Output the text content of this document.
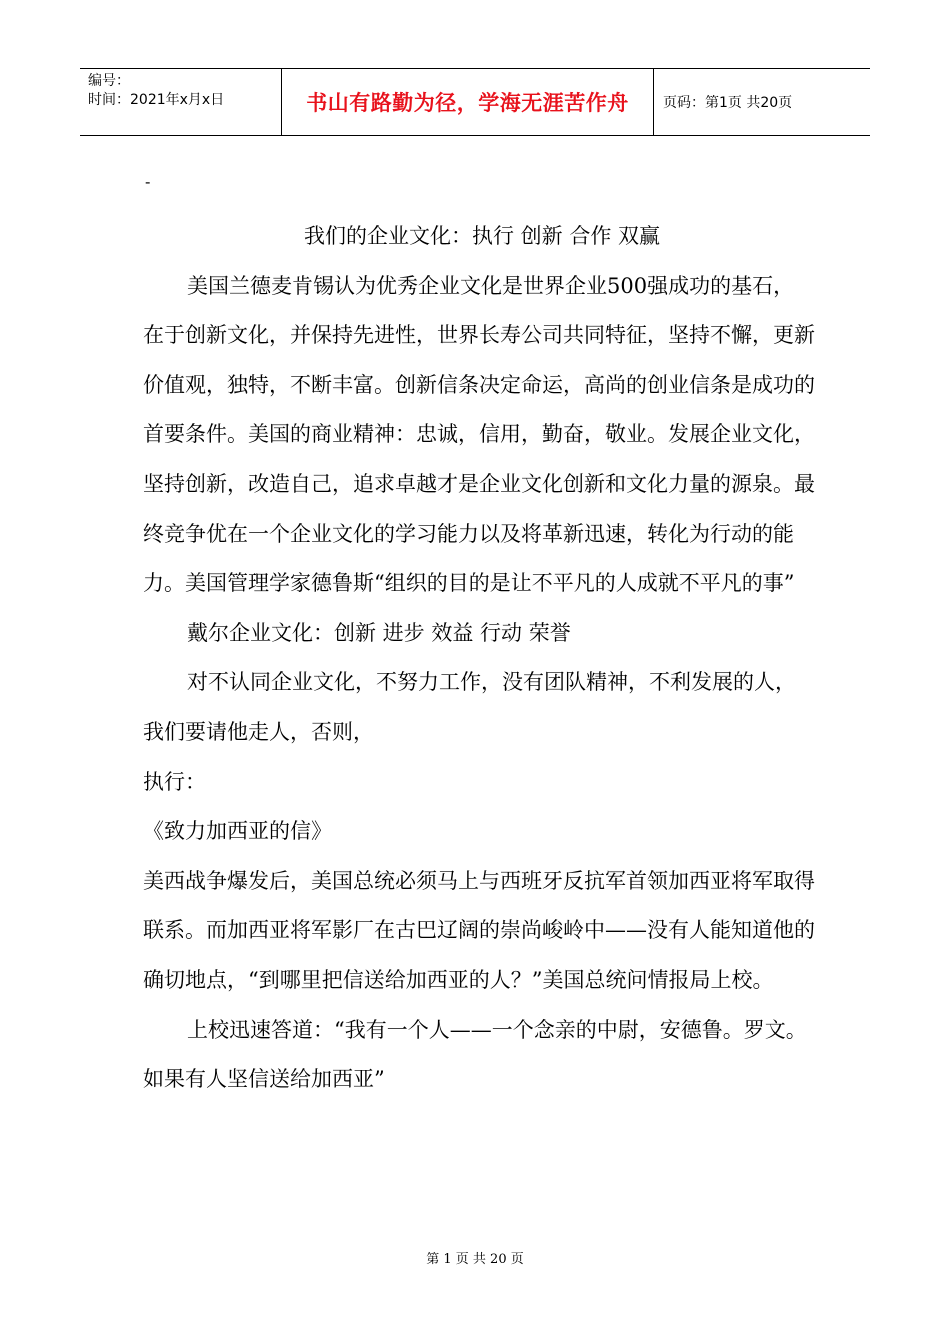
编号：
时间：2021年x月x日	书山有路勤为径，学海无涯苦作舟	页码：第1页 共20页
-

我们的企业文化：执行 创新 合作 双赢

美国兰德麦肯锡认为优秀企业文化是世界企业500强成功的基石，在于创新文化，并保持先进性，世界长寿公司共同特征，坚持不懈，更新价值观，独特，不断丰富。创新信条决定命运，高尚的创业信条是成功的首要条件。美国的商业精神：忠诚，信用，勤奋，敬业。发展企业文化，坚持创新，改造自己，追求卓越才是企业文化创新和文化力量的源泉。最终竞争优在一个企业文化的学习能力以及将革新迅速，转化为行动的能力。美国管理学家德鲁斯“组织的目的是让不平凡的人成就不平凡的事”

戴尔企业文化：创新 进步 效益 行动 荣誉

对不认同企业文化，不努力工作，没有团队精神，不利发展的人，我们要请他走人，否则，

执行：

《致力加西亚的信》

美西战争爆发后，美国总统必须马上与西班牙反抗军首领加西亚将军取得联系。而加西亚将军影厂在古巴辽阔的崇尚峻岭中——没有人能知道他的确切地点，“到哪里把信送给加西亚的人？”美国总统问情报局上校。

上校迅速答道：“我有一个人——一个念亲的中尉，安德鲁。罗文。如果有人坚信送给加西亚”

第 1 页 共 20 页
